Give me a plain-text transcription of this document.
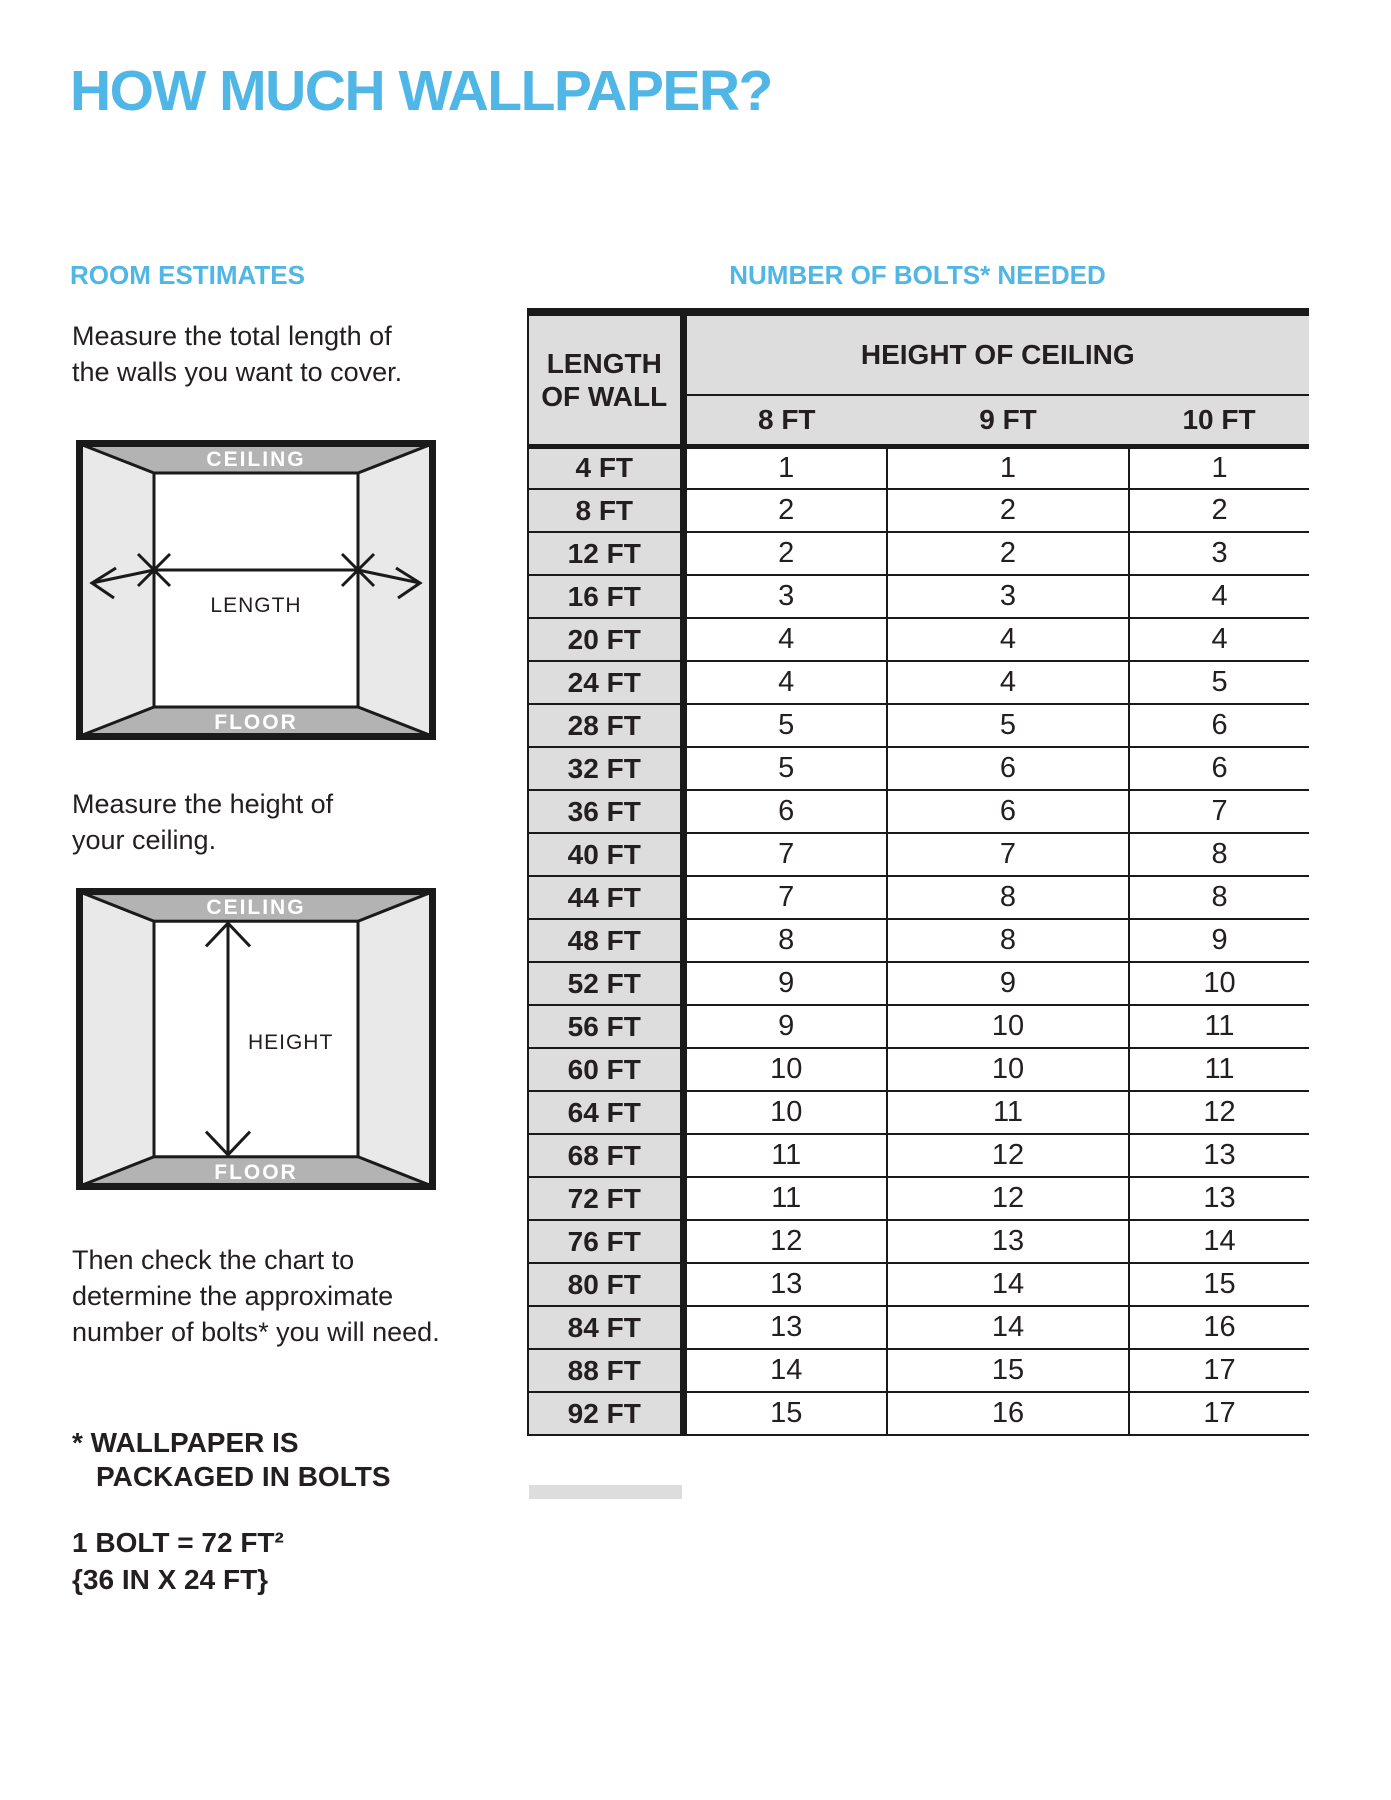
HOW MUCH WALLPAPER?
ROOM ESTIMATES

Measure the total length of
the walls you want to cover.

CEILING
FLOOR
LENGTH

Measure the height of
your ceiling.

CEILING
FLOOR
HEIGHT

Then check the chart to
determine the approximate
number of bolts* you will need.

* WALLPAPER IS
PACKAGED IN BOLTS
1 BOLT = 72 FT²
{36 IN X 24 FT}
NUMBER OF BOLTS* NEEDED
LENGTH
OF WALL	HEIGHT OF CEILING		
	8 FT	9 FT	10 FT
4 FT	1	1	1
8 FT	2	2	2
12 FT	2	2	3
16 FT	3	3	4
20 FT	4	4	4
24 FT	4	4	5
28 FT	5	5	6
32 FT	5	6	6
36 FT	6	6	7
40 FT	7	7	8
44 FT	7	8	8
48 FT	8	8	9
52 FT	9	9	10
56 FT	9	10	11
60 FT	10	10	11
64 FT	10	11	12
68 FT	11	12	13
72 FT	11	12	13
76 FT	12	13	14
80 FT	13	14	15
84 FT	13	14	16
88 FT	14	15	17
92 FT	15	16	17
